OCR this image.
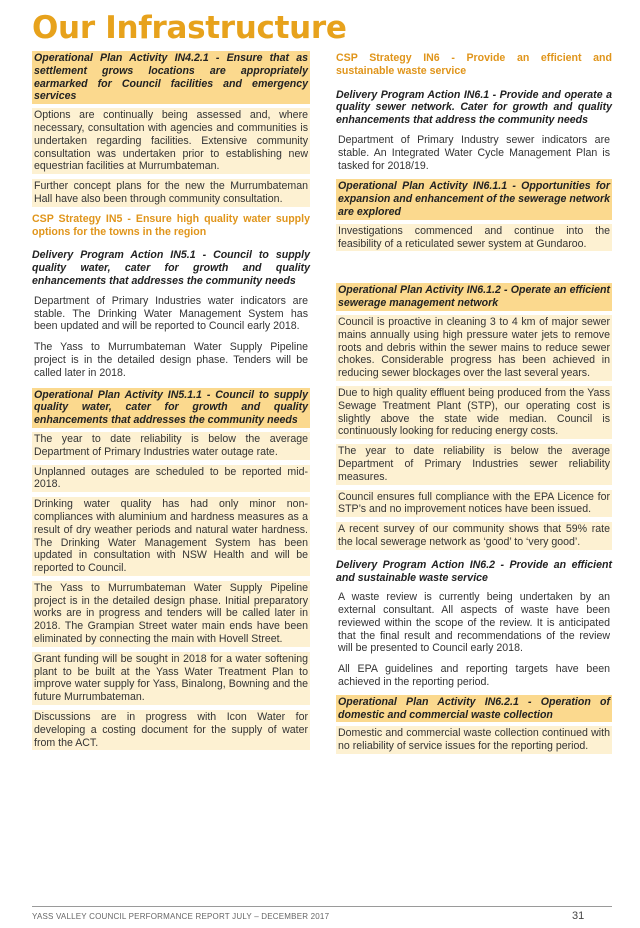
Our Infrastructure
Operational Plan Activity IN4.2.1 - Ensure that as settlement grows locations are appropriately earmarked for Council facilities and emergency services
Options are continually being assessed and, where necessary, consultation with agencies and communities is undertaken regarding facilities. Extensive community consultation was undertaken prior to establishing new equestrian facilities at Murrumbateman.
Further concept plans for the new the Murrumbateman Hall have also been through community consultation.
CSP Strategy IN5 - Ensure high quality water supply options for the towns in the region
Delivery Program Action IN5.1 - Council to supply quality water, cater for growth and quality enhancements that addresses the community needs
Department of Primary Industries water indicators are stable. The Drinking Water Management System has been updated and will be reported to Council early 2018.
The Yass to Murrumbateman Water Supply Pipeline project is in the detailed design phase. Tenders will be called later in 2018.
Operational Plan Activity IN5.1.1 - Council to supply quality water, cater for growth and quality enhancements that addresses the community needs
The year to date reliability is below the average Department of Primary Industries water outage rate.
Unplanned outages are scheduled to be reported mid-2018.
Drinking water quality has had only minor non-compliances with aluminium and hardness measures as a result of dry weather periods and natural water hardness. The Drinking Water Management System has been updated in consultation with NSW Health and will be reported to Council.
The Yass to Murrumbateman Water Supply Pipeline project is in the detailed design phase. Initial preparatory works are in progress and tenders will be called later in 2018. The Grampian Street water main ends have been eliminated by connecting the main with Hovell Street.
Grant funding will be sought in 2018 for a water softening plant to be built at the Yass Water Treatment Plan to improve water supply for Yass, Binalong, Bowning and the future Murrumbateman.
Discussions are in progress with Icon Water for developing a costing document for the supply of water from the ACT.
CSP Strategy IN6 - Provide an efficient and sustainable waste service
Delivery Program Action IN6.1 - Provide and operate a quality sewer network. Cater for growth and quality enhancements that address the community needs
Department of Primary Industry sewer indicators are stable. An Integrated Water Cycle Management Plan is tasked for 2018/19.
Operational Plan Activity IN6.1.1 - Opportunities for expansion and enhancement of the sewerage network are explored
Investigations commenced and continue into the feasibility of a reticulated sewer system at Gundaroo.
Operational Plan Activity IN6.1.2 - Operate an efficient sewerage management network
Council is proactive in cleaning 3 to 4 km of major sewer mains annually using high pressure water jets to remove roots and debris within the sewer mains to reduce sewer chokes. Considerable progress has been achieved in reducing sewer blockages over the last several years.
Due to high quality effluent being produced from the Yass Sewage Treatment Plant (STP), our operating cost is slightly above the state wide median. Council is continuously looking for reducing energy costs.
The year to date reliability is below the average Department of Primary Industries sewer reliability measures.
Council ensures full compliance with the EPA Licence for STP’s and no improvement notices have been issued.
A recent survey of our community shows that 59% rate the local sewerage network as ‘good’ to ‘very good’.
Delivery Program Action IN6.2 - Provide an efficient and sustainable waste service
A waste review is currently being undertaken by an external consultant. All aspects of waste have been reviewed within the scope of the review. It is anticipated that the final result and recommendations of the review will be presented to Council early 2018.
All EPA guidelines and reporting targets have been achieved in the reporting period.
Operational Plan Activity IN6.2.1 - Operation of domestic and commercial waste collection
Domestic and commercial waste collection continued with no reliability of service issues for the reporting period.
YASS VALLEY COUNCIL PERFORMANCE REPORT JULY – DECEMBER 2017	31
